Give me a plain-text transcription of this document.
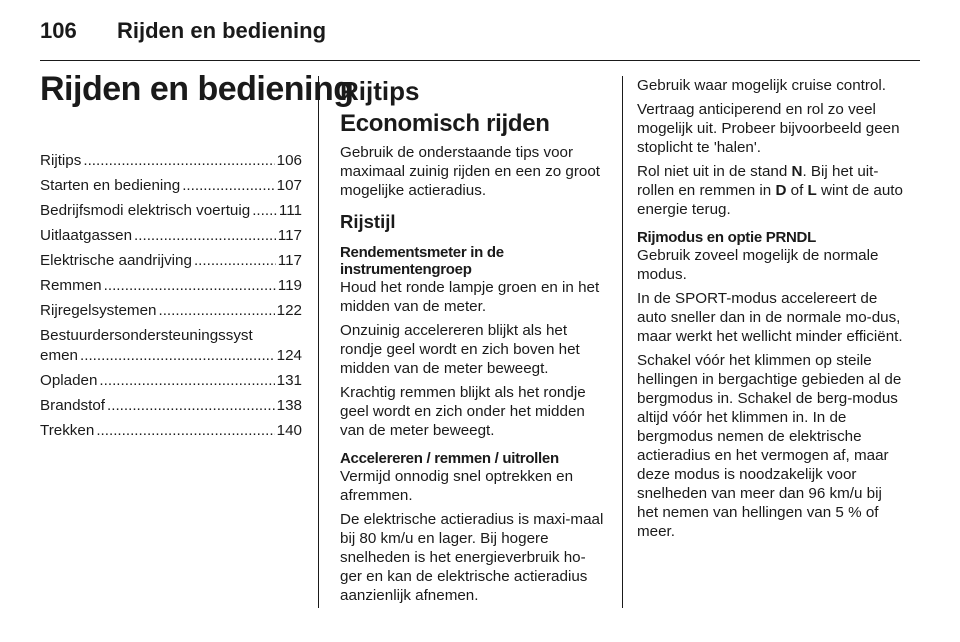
106 Rijden en bediening
Rijden en bediening
Rijtips .....	106
Starten en bediening .....	107
Bedrijfsmodi elektrisch voertuig ..... 111
Uitlaatgassen .....	117
Elektrische aandrijving .....	117
Remmen .....	119
Rijregelsystemen .....	122
Bestuurdersondersteuningssyst
emen .....	124
Opladen .....	131
Brandstof .....	138
Trekken .....	140
Rijtips
Economisch rijden

Gebruik de onderstaande tips voor maximaal zuinig rijden en een zo groot mogelijke actieradius.

Rijstijl
Rendementsmeter in de instrumentengroep

Houd het ronde lampje groen en in het midden van de meter.

Onzuinig accelereren blijkt als het rondje geel wordt en zich boven het midden van de meter beweegt.

Krachtig remmen blijkt als het rondje geel wordt en zich onder het midden van de meter beweegt.

Accelereren / remmen / uitrollen

Vermijd onnodig snel optrekken en afremmen.

De elektrische actieradius is maxi-maal bij 80 km/u en lager. Bij hogere snelheden is het energieverbruik ho-ger en kan de elektrische actieradius aanzienlijk afnemen.

Gebruik waar mogelijk cruise control.

Vertraag anticiperend en rol zo veel mogelijk uit. Probeer bijvoorbeeld geen stoplicht te 'halen'.

Rol niet uit in de stand N. Bij het uit-rollen en remmen in D of L wint de auto energie terug.

Rijmodus en optie PRNDL

Gebruik zoveel mogelijk de normale modus.

In de SPORT-modus accelereert de auto sneller dan in de normale mo-dus, maar werkt het wellicht minder efficiënt.

Schakel vóór het klimmen op steile hellingen in bergachtige gebieden al de bergmodus in. Schakel de berg-modus altijd vóór het klimmen in. In de bergmodus nemen de elektrische actieradius en het vermogen af, maar deze modus is noodzakelijk voor snelheden van meer dan 96 km/u bij het nemen van hellingen van 5 % of meer.
